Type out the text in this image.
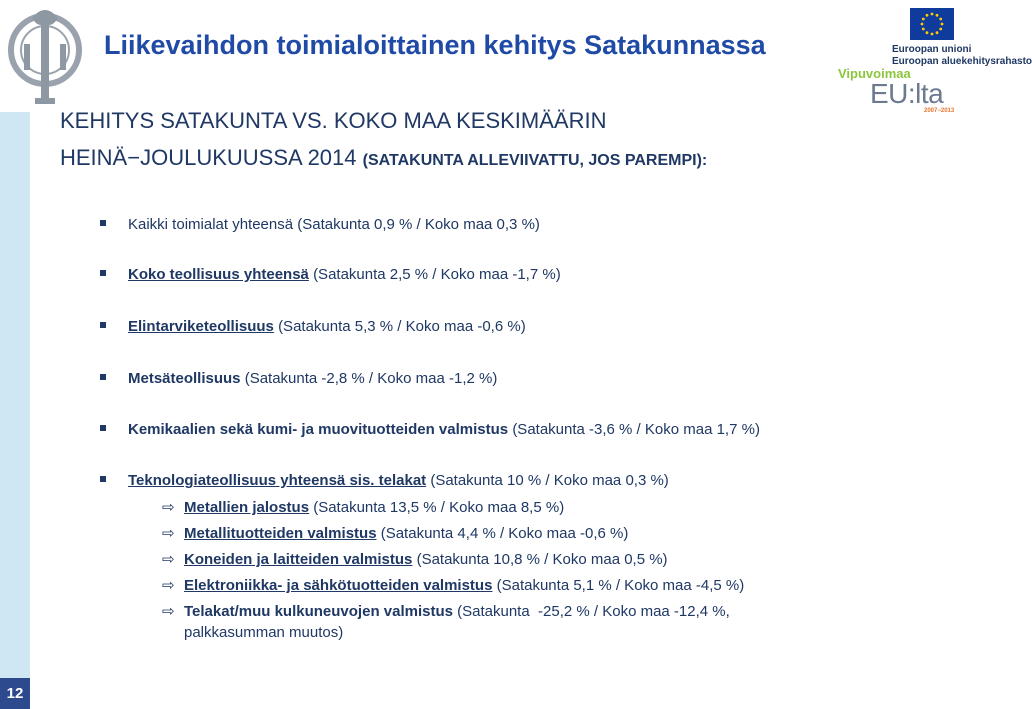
12
Liikevaihdon toimialoittainen kehitys Satakunnassa
KEHITYS SATAKUNTA VS. KOKO MAA KESKIMÄÄRIN
HEINÄ−JOULUKUUSSA 2014 (SATAKUNTA ALLEVIIVATTU, JOS PAREMPI):
Euroopan unioni
Euroopan aluekehitysrahasto
Vipuvoimaa
EU:lta
2007−2013
Kaikki toimialat yhteensä (Satakunta 0,9 % / Koko maa 0,3 %)
Koko teollisuus yhteensä (Satakunta 2,5 % / Koko maa -1,7 %)
Elintarviketeollisuus (Satakunta 5,3 % / Koko maa -0,6 %)
Metsäteollisuus (Satakunta -2,8 % / Koko maa -1,2 %)
Kemikaalien sekä kumi- ja muovituotteiden valmistus (Satakunta -3,6 % / Koko maa 1,7 %)
Teknologiateollisuus yhteensä sis. telakat (Satakunta 10 % / Koko maa 0,3 %)
⇨ Metallien jalostus (Satakunta 13,5 % / Koko maa 8,5 %)
⇨ Metallituotteiden valmistus (Satakunta 4,4 % / Koko maa -0,6 %)
⇨ Koneiden ja laitteiden valmistus (Satakunta 10,8 % / Koko maa 0,5 %)
⇨ Elektroniikka- ja sähkötuotteiden valmistus (Satakunta 5,1 % / Koko maa -4,5 %)
⇨ Telakat/muu kulkuneuvojen valmistus (Satakunta  -25,2 % / Koko maa -12,4 %,
palkkasumman muutos)
